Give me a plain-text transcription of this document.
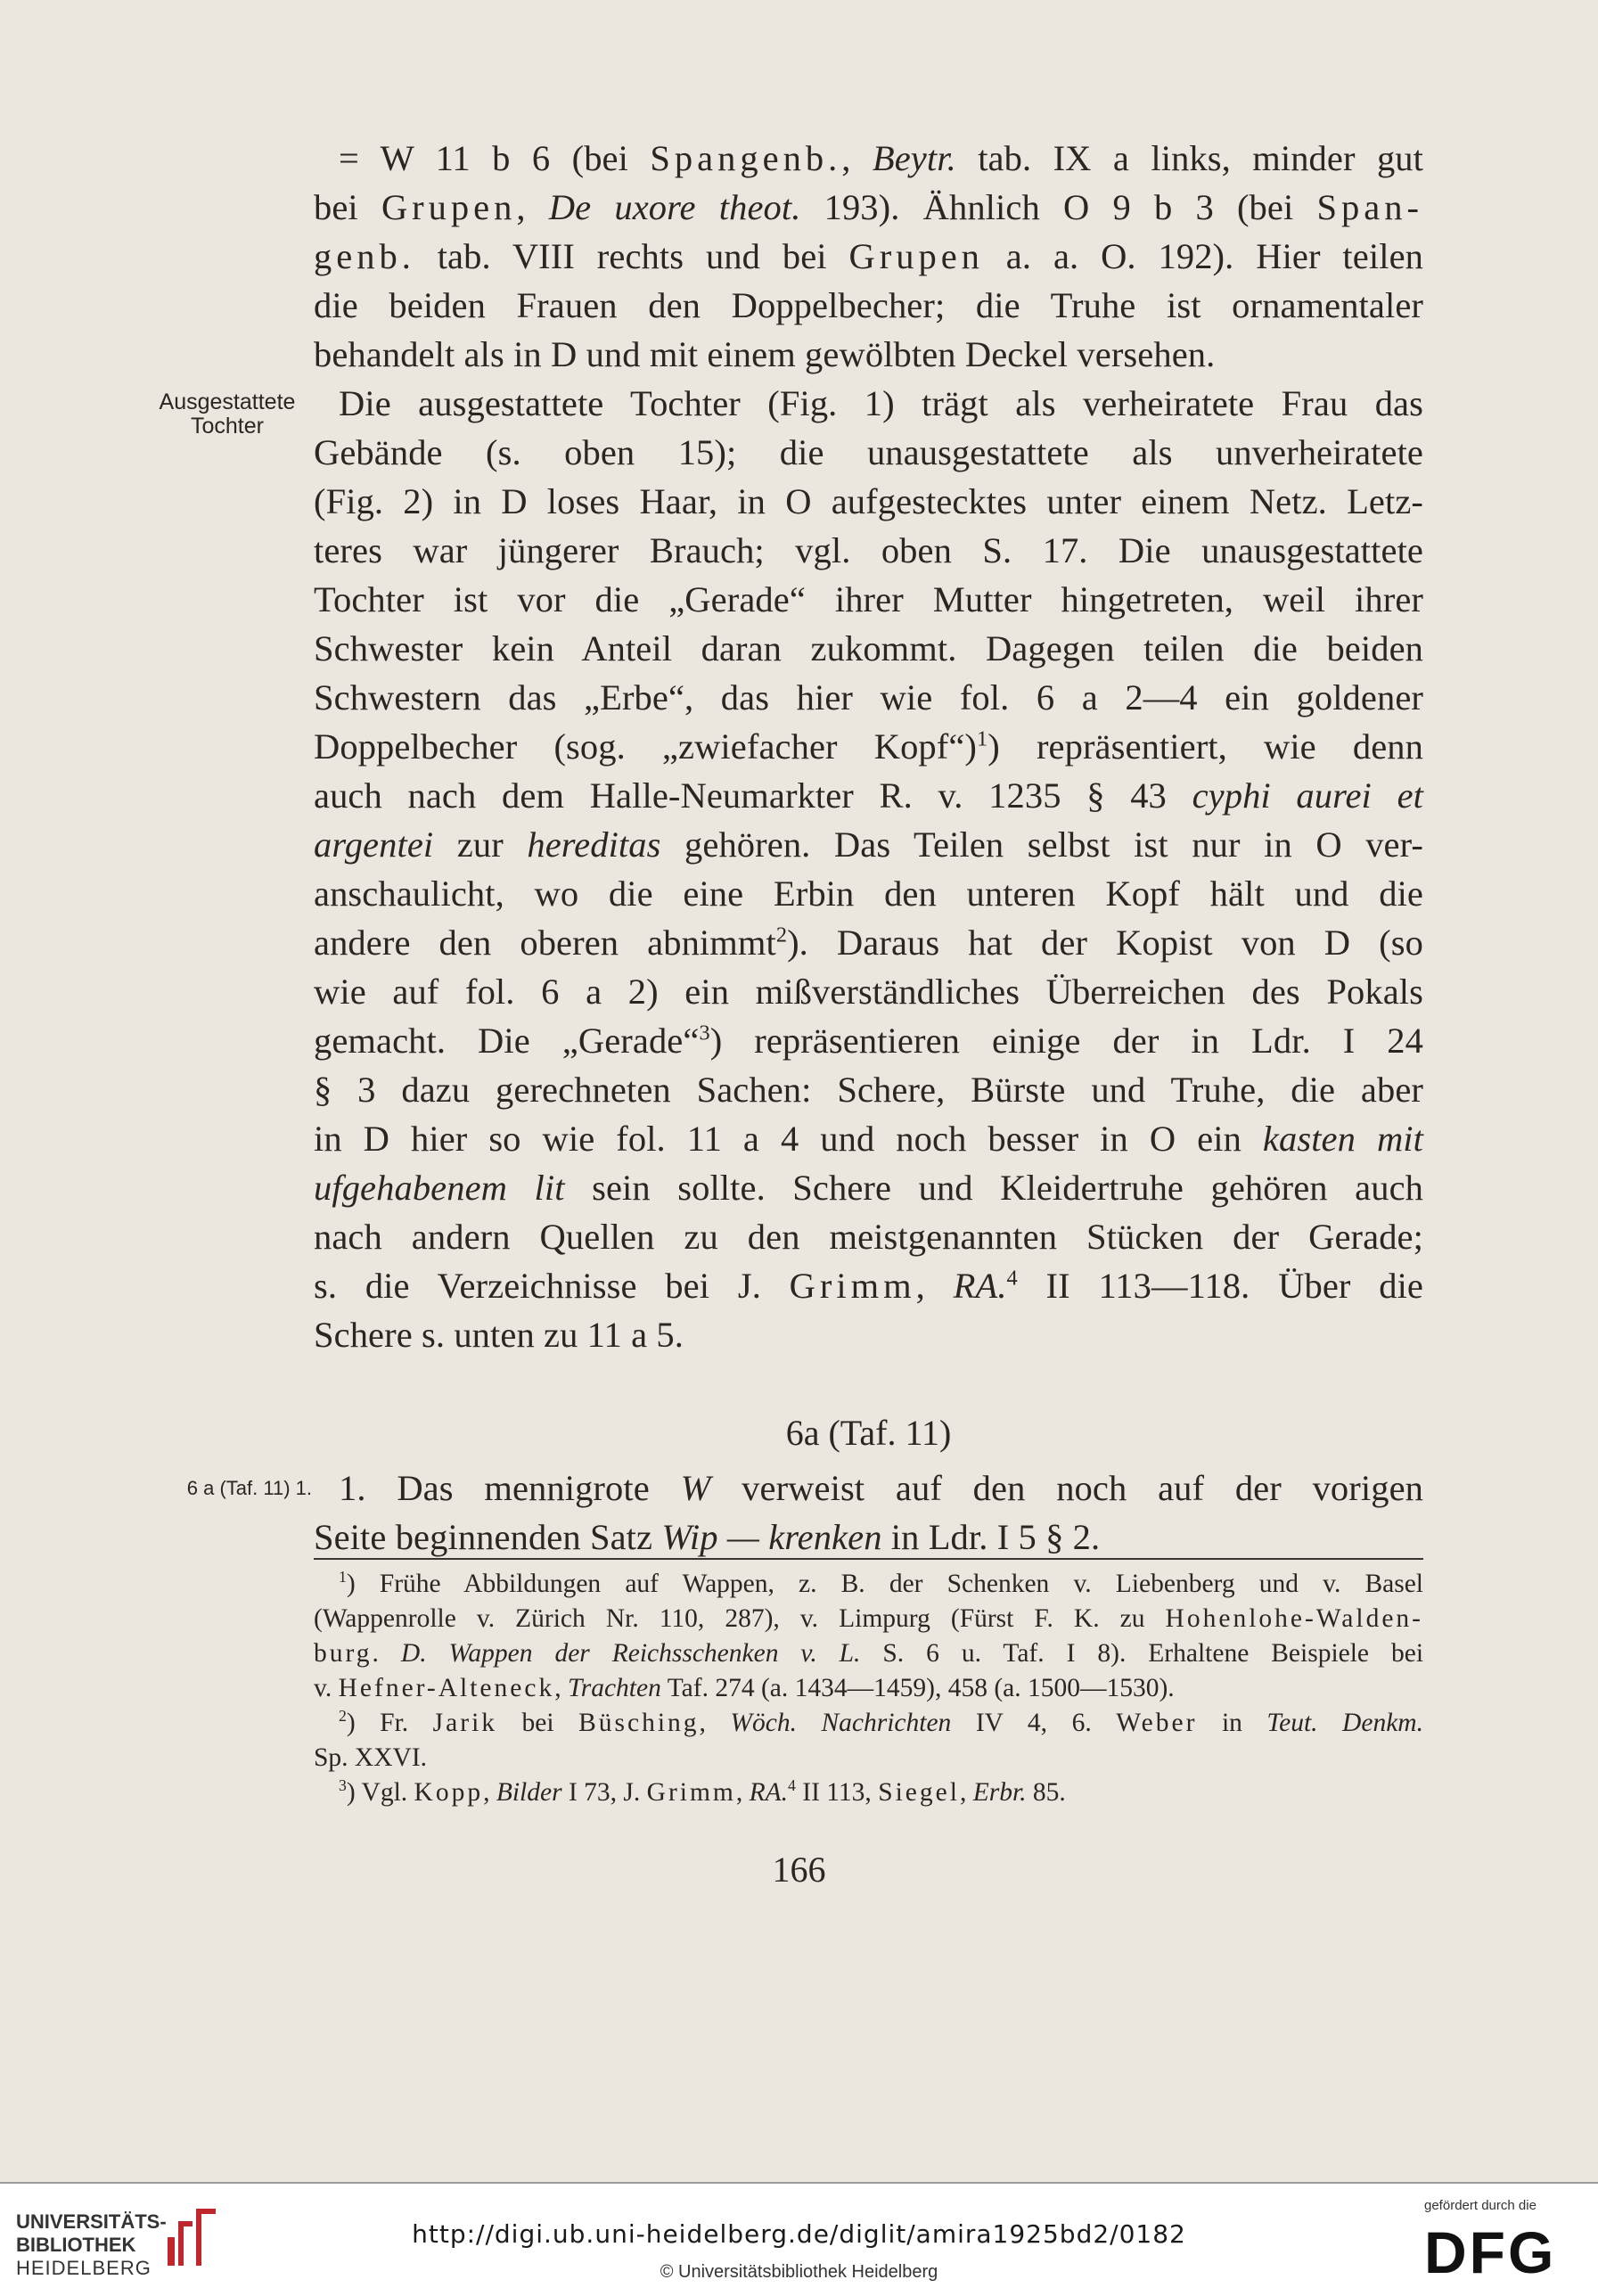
Ausgestattete
Tochter
= W 11 b 6 (bei Spangenb., Beytr. tab. IX a links, minder gut
bei Grupen, De uxore theot. 193). Ähnlich O 9 b 3 (bei Span-
genb. tab. VIII rechts und bei Grupen a. a. O. 192). Hier teilen
die beiden Frauen den Doppelbecher; die Truhe ist ornamentaler
behandelt als in D und mit einem gewölbten Deckel versehen.
Die ausgestattete Tochter (Fig. 1) trägt als verheiratete Frau das
Gebände (s. oben 15); die unausgestattete als unverheiratete
(Fig. 2) in D loses Haar, in O aufgestecktes unter einem Netz. Letz-
teres war jüngerer Brauch; vgl. oben S. 17. Die unausgestattete
Tochter ist vor die „Gerade“ ihrer Mutter hingetreten, weil ihrer
Schwester kein Anteil daran zukommt. Dagegen teilen die beiden
Schwestern das „Erbe“, das hier wie fol. 6 a 2—4 ein goldener
Doppelbecher (sog. „zwiefacher Kopf“)$^1$) repräsentiert, wie denn
auch nach dem Halle-Neumarkter R. v. 1235 § 43 cyphi aurei et
argentei zur hereditas gehören. Das Teilen selbst ist nur in O ver-
anschaulicht, wo die eine Erbin den unteren Kopf hält und die
andere den oberen abnimmt$^2$). Daraus hat der Kopist von D (so
wie auf fol. 6 a 2) ein mißverständliches Überreichen des Pokals
gemacht. Die „Gerade“$^3$) repräsentieren einige der in Ldr. I 24
§ 3 dazu gerechneten Sachen: Schere, Bürste und Truhe, die aber
in D hier so wie fol. 11 a 4 und noch besser in O ein kasten mit
ufgehabenem lit sein sollte. Schere und Kleidertruhe gehören auch
nach andern Quellen zu den meistgenannten Stücken der Gerade;
s. die Verzeichnisse bei J. Grimm, RA.$^4$ II 113—118. Über die
Schere s. unten zu 11 a 5.
6 a (Taf. 11) 1.
6a (Taf. 11)
1. Das mennigrote W verweist auf den noch auf der vorigen
Seite beginnenden Satz Wip — krenken in Ldr. I 5 § 2.
$^1$) Frühe Abbildungen auf Wappen, z. B. der Schenken v. Liebenberg und v. Basel
(Wappenrolle v. Zürich Nr. 110, 287), v. Limpurg (Fürst F. K. zu Hohenlohe-Walden-
burg. D. Wappen der Reichsschenken v. L. S. 6 u. Taf. I 8). Erhaltene Beispiele bei
v. Hefner-Alteneck, Trachten Taf. 274 (a. 1434—1459), 458 (a. 1500—1530).
$^2$) Fr. Jarik bei Büsching, Wöch. Nachrichten IV 4, 6. Weber in Teut. Denkm.
Sp. XXVI.
$^3$) Vgl. Kopp, Bilder I 73, J. Grimm, RA.$^4$ II 113, Siegel, Erbr. 85.
166
UNIVERSITÄTS-
BIBLIOTHEK
HEIDELBERG
http://digi.ub.uni-heidelberg.de/diglit/amira1925bd2/0182
© Universitätsbibliothek Heidelberg
gefördert durch die
DFG
